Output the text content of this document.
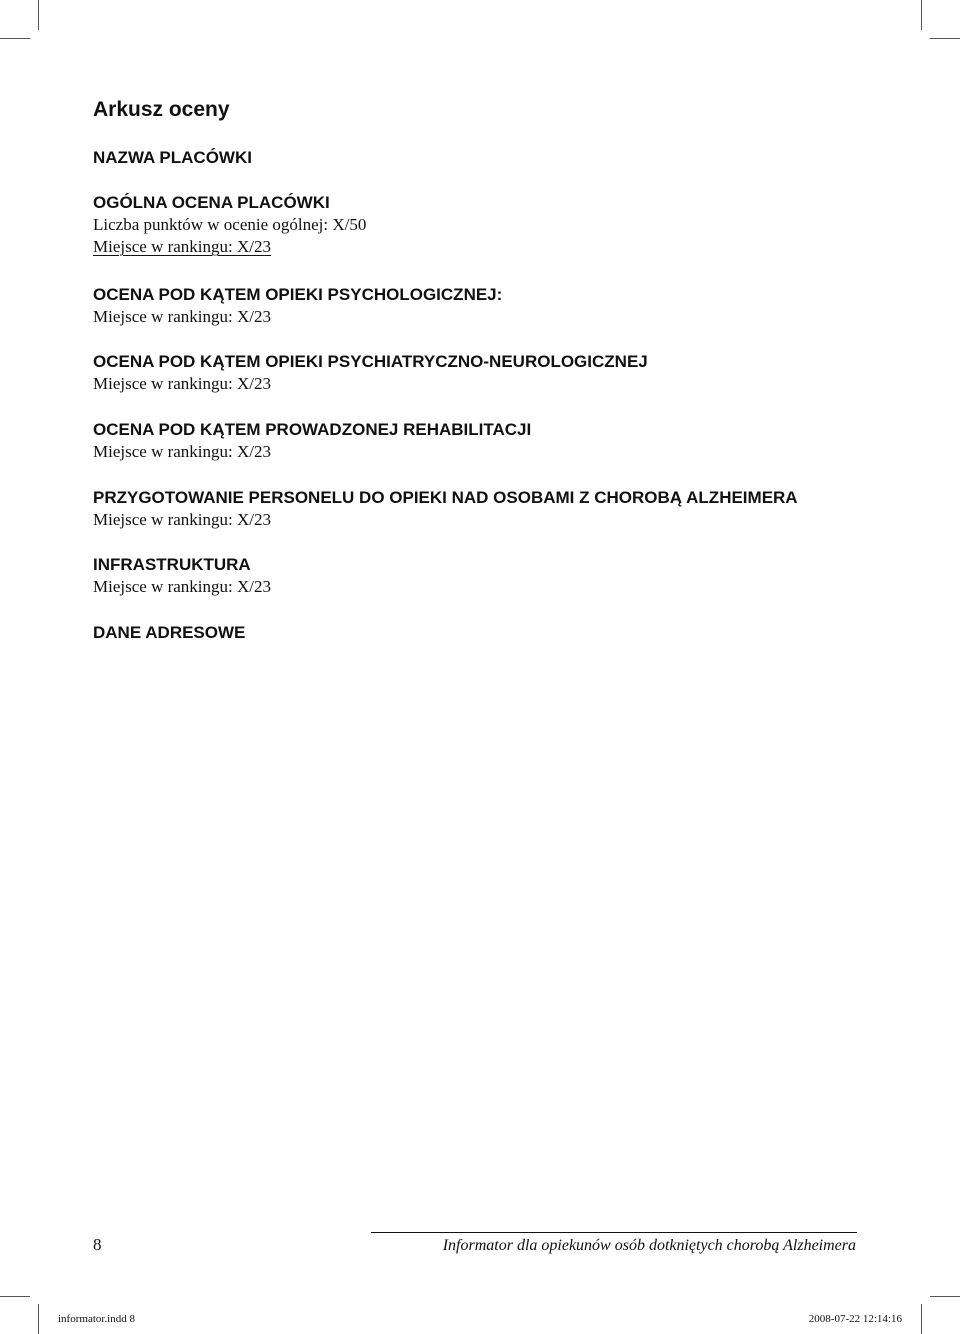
Arkusz oceny

NAZWA PLACÓWKI

OGÓLNA OCENA PLACÓWKI

Liczba punktów w ocenie ogólnej: X/50

Miejsce w rankingu: X/23

OCENA POD KĄTEM OPIEKI PSYCHOLOGICZNEJ:

Miejsce w rankingu: X/23

OCENA POD KĄTEM OPIEKI PSYCHIATRYCZNO-NEUROLOGICZNEJ

Miejsce w rankingu: X/23

OCENA POD KĄTEM PROWADZONEJ REHABILITACJI

Miejsce w rankingu: X/23

PRZYGOTOWANIE PERSONELU DO OPIEKI NAD OSOBAMI Z CHOROBĄ ALZHEIMERA

Miejsce w rankingu: X/23

INFRASTRUKTURA

Miejsce w rankingu: X/23

DANE ADRESOWE

8	Informator dla opiekunów osób dotkniętych chorobą Alzheimera

informator.indd 8	2008-07-22 12:14:16
